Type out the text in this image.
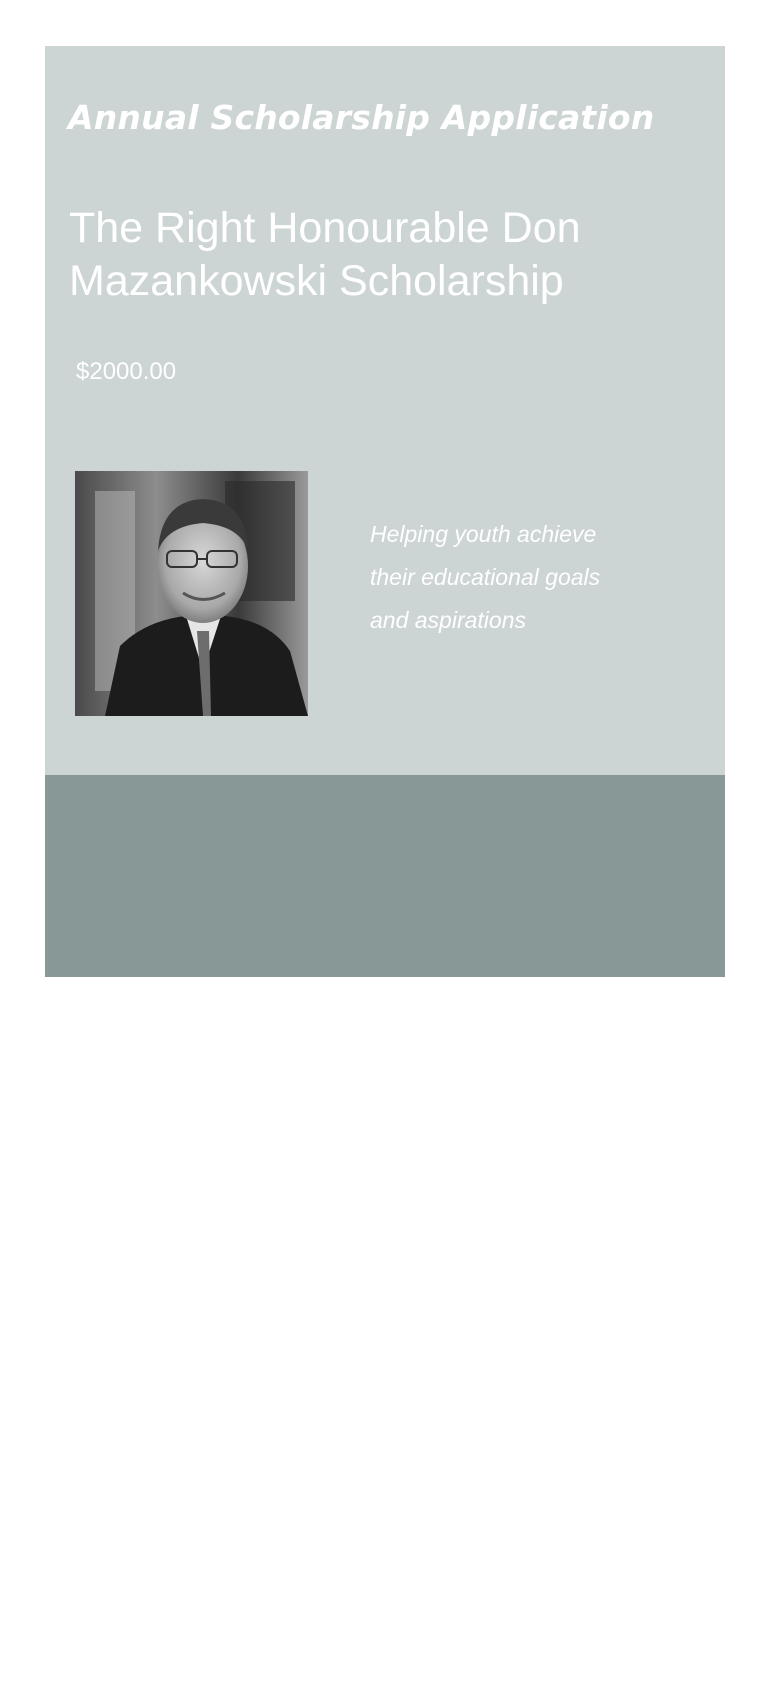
Annual Scholarship Application
The Right Honourable Don
Mazankowski Scholarship
$2000.00
Helping youth achieve
their educational goals
and aspirations
UNIVERSITY OF
ALBERTA
AUGUSTANA CAMPUS
